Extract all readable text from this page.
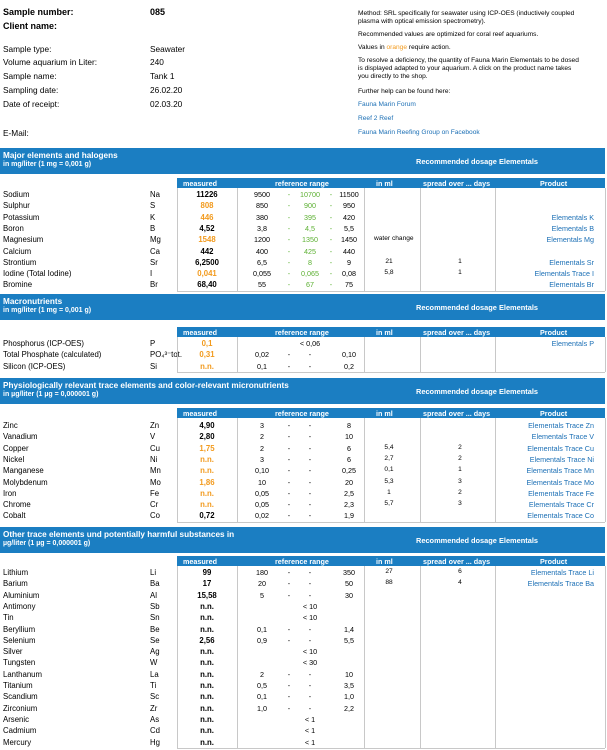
Sample number:	085
Client name:
Sample type:	Seawater
Volume aquarium in Liter:	240
Sample name:	Tank 1
Sampling date:	26.02.20
Date of receipt:	02.03.20
E-Mail:
Method: SRL specifically for seawater using ICP-OES (inductively coupled
plasma with optical emission spectrometry).
Recommended values are optimized for coral reef aquariums.
Values in orange require action.
To resolve a deficiency, the quantity of Fauna Marin Elementals to be dosed
is displayed adapted to your aquarium. A click on the product name takes
you directly to the shop.
Further help can be found here:
Fauna Marin Forum
Reef 2 Reef
Fauna Marin Reefing Group on Facebook
Major elements and halogens
in mg/liter (1 mg = 0,001 g)	Recommended dosage Elementals
measured	reference range	in ml	spread over ... days	Product
Sodium	Na	11226	9500	-	10700	- 11500
Sulphur	S	808	850	-	900	-	950
Potassium	K	446	380	-	395	-	420	Elementals K
Boron	B	4,52	3,8	-	4,5	-	5,5	Elementals B
Magnesium	Mg	1548	1200	-	1350	-	1450	water change	Elementals Mg
Calcium	Ca	442	400	-	425	-	440
Strontium	Sr	6,2500	6,5	-	8	-	9	21	1	Elementals Sr
Iodine (Total Iodine)	I	0,041	0,055	-	0,065	-	0,08	5,8	1	Elementals Trace I
Bromine	Br	68,40	55	-	67	-	75	Elementals Br
Macronutrients
in mg/liter (1 mg = 0,001 g)	Recommended dosage Elementals
measured	reference range	in ml	spread over ... days	Product
Phosphorus (ICP-OES)	P	0,1	< 0,06	Elementals P
Total Phosphate (calculated)	PO₄³⁻tot.	0,31	0,02	-	-	0,10
Silicon (ICP-OES)	Si	n.n.	0,1	-	-	0,2
Physiologically relevant trace elements and color-relevant micronutrients
in µg/liter (1 µg = 0,000001 g)	Recommended dosage Elementals
measured	reference range	in ml	spread over ... days	Product
Zinc	Zn	4,90	3	-	-	8	Elementals Trace Zn
Vanadium	V	2,80	2	-	-	10	Elementals Trace V
Copper	Cu	1,75	2	-	-	6	5,4	2	Elementals Trace Cu
Nickel	Ni	n.n.	3	-	-	6	2,7	2	Elementals Trace Ni
Manganese	Mn	n.n.	0,10	-	-	0,25	0,1	1	Elementals Trace Mn
Molybdenum	Mo	1,86	10	-	-	20	5,3	3	Elementals Trace Mo
Iron	Fe	n.n.	0,05	-	-	2,5	1	2	Elementals Trace Fe
Chrome	Cr	n.n.	0,05	-	-	2,3	5,7	3	Elementals Trace Cr
Cobalt	Co	0,72	0,02	-	-	1,9	Elementals Trace Co
Other trace elements und potentially harmful substances in
µg/liter (1 µg = 0,000001 g)	Recommended dosage Elementals
measured	reference range	in ml	spread over ... days	Product
Lithium	Li	99	180	-	-	350	27	6	Elementals Trace Li
Barium	Ba	17	20	-	-	50	88	4	Elementals Trace Ba
Aluminium	Al	15,58	5	-	-	30
Antimony	Sb	n.n.	< 10
Tin	Sn	n.n.	< 10
Beryllium	Be	n.n.	0,1	-	-	1,4
Selenium	Se	2,56	0,9	-	-	5,5
Silver	Ag	n.n.	< 10
Tungsten	W	n.n.	< 30
Lanthanum	La	n.n.	2	-	-	10
Titanium	Ti	n.n.	0,5	-	-	3,5
Scandium	Sc	n.n.	0,1	-	-	1,0
Zirconium	Zr	n.n.	1,0	-	-	2,2
Arsenic	As	n.n.	< 1
Cadmium	Cd	n.n.	< 1
Mercury	Hg	n.n.	< 1
